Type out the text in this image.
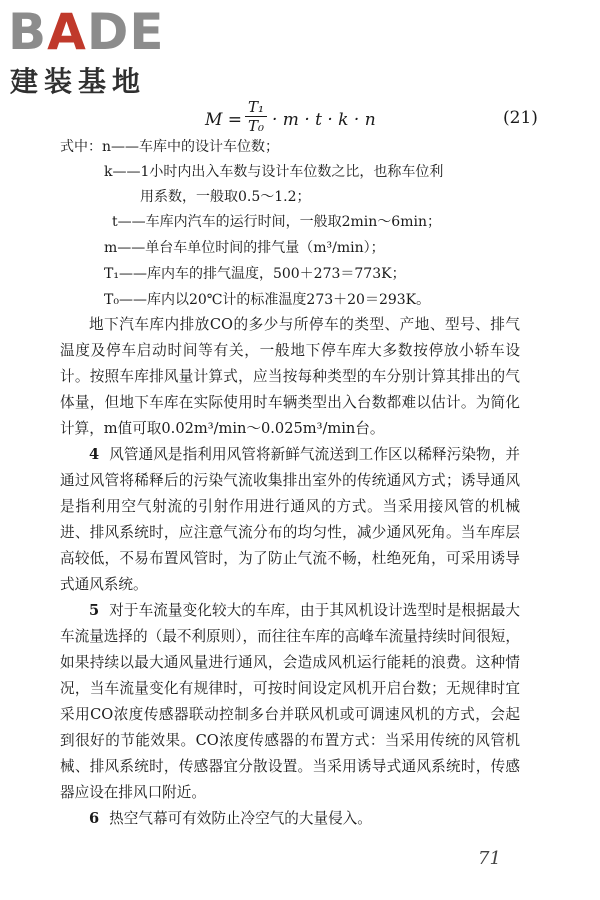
BADE
建装基地
$M = \frac{\text{T₁}}{\text{T₀}} \cdot m \cdot t \cdot k \cdot n$	(21)
式中：n——车库中的设计车位数；
k——1小时内出入车数与设计车位数之比，也称车位利
用系数，一般取0.5～1.2；
t——车库内汽车的运行时间，一般取2min～6min；
m——单台车单位时间的排气量（m³/min）；
T₁——库内车的排气温度，500＋273＝773K；
T₀——库内以20℃计的标准温度273＋20＝293K。

地下汽车库内排放CO的多少与所停车的类型、产地、型号、排气温度及停车启动时间等有关，一般地下停车库大多数按停放小轿车设计。按照车库排风量计算式，应当按每种类型的车分别计算其排出的气体量，但地下车库在实际使用时车辆类型出入台数都难以估计。为简化计算，m值可取0.02m³/min～0.025m³/min台。

4 风管通风是指利用风管将新鲜气流送到工作区以稀释污染物，并通过风管将稀释后的污染气流收集排出室外的传统通风方式；诱导通风是指利用空气射流的引射作用进行通风的方式。当采用接风管的机械进、排风系统时，应注意气流分布的均匀性，减少通风死角。当车库层高较低，不易布置风管时，为了防止气流不畅，杜绝死角，可采用诱导式通风系统。

5 对于车流量变化较大的车库，由于其风机设计选型时是根据最大车流量选择的（最不利原则），而往往车库的高峰车流量持续时间很短，如果持续以最大通风量进行通风，会造成风机运行能耗的浪费。这种情况，当车流量变化有规律时，可按时间设定风机开启台数；无规律时宜采用CO浓度传感器联动控制多台并联风机或可调速风机的方式，会起到很好的节能效果。CO浓度传感器的布置方式：当采用传统的风管机械、排风系统时，传感器宜分散设置。当采用诱导式通风系统时，传感器应设在排风口附近。

6 热空气幕可有效防止冷空气的大量侵入。

71
